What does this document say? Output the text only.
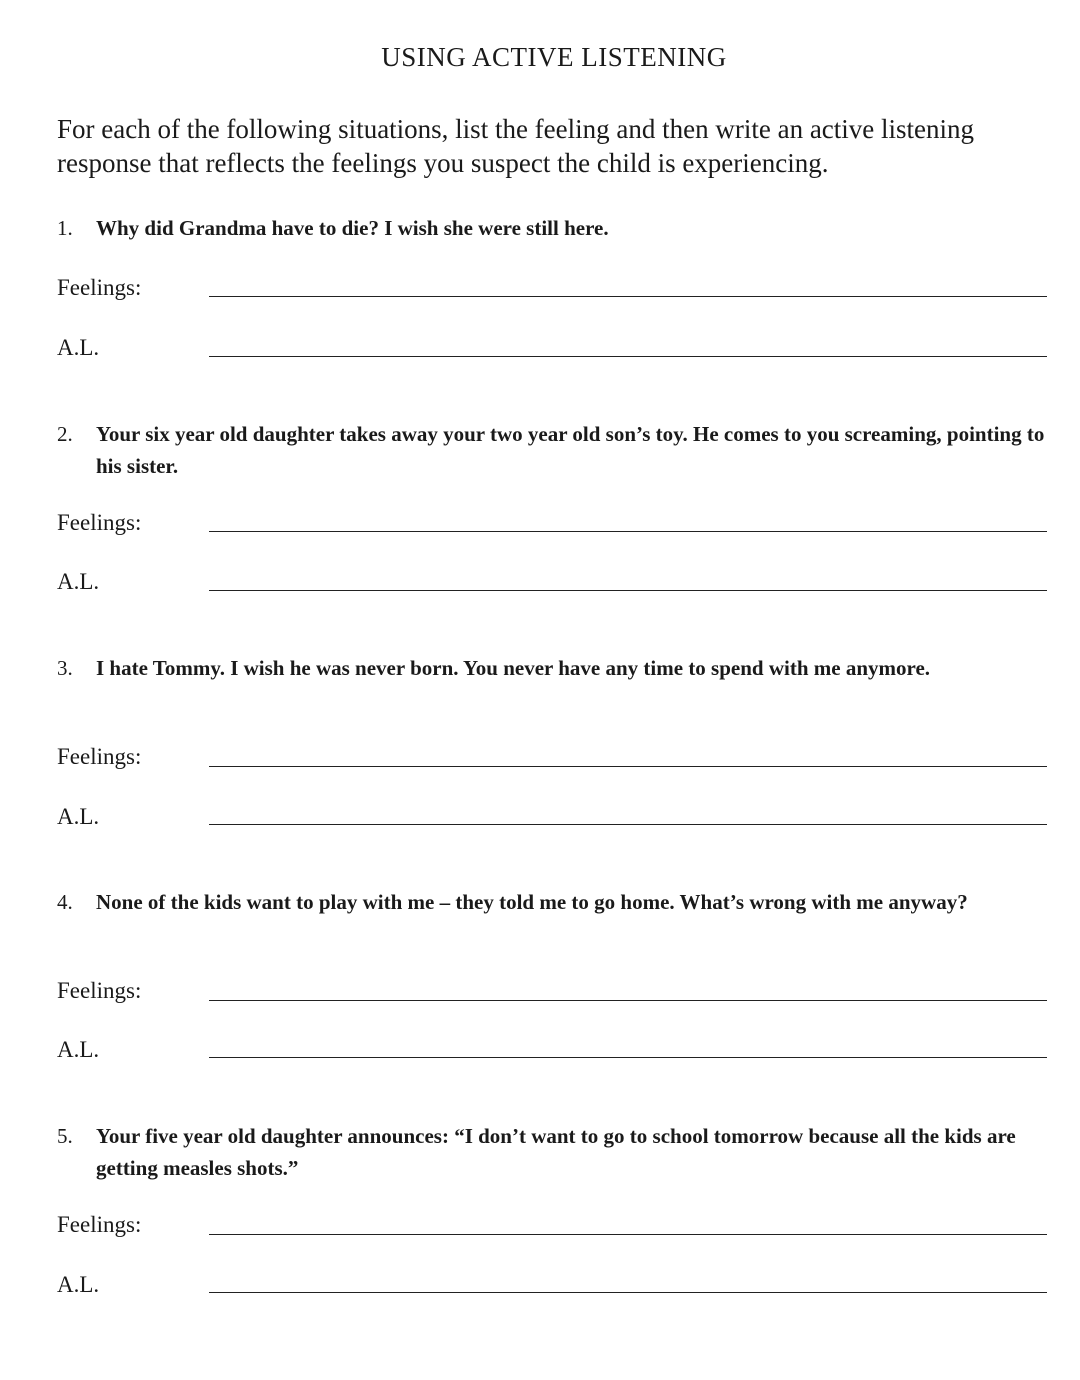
USING ACTIVE LISTENING

For each of the following situations, list the feeling and then write an active listening response that reflects the feelings you suspect the child is experiencing.

1. Why did Grandma have to die? I wish she were still here.
Feelings:
A.L.
2. Your six year old daughter takes away your two year old son’s toy. He comes to you screaming, pointing to his sister.
Feelings:
A.L.
3. I hate Tommy. I wish he was never born. You never have any time to spend with me anymore.
Feelings:
A.L.
4. None of the kids want to play with me – they told me to go home. What’s wrong with me anyway?
Feelings:
A.L.
5. Your five year old daughter announces: “I don’t want to go to school tomorrow because all the kids are getting measles shots.”
Feelings:
A.L.
